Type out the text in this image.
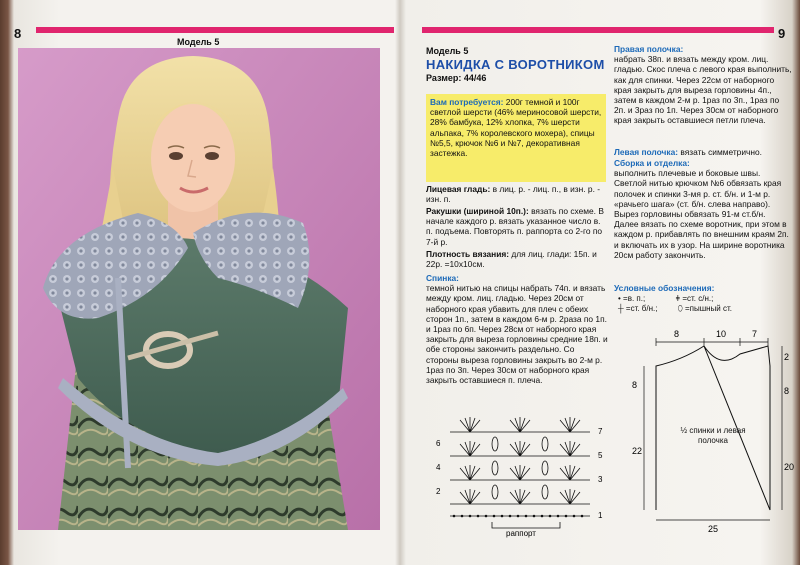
8
Модель 5
9
Модель 5
НАКИДКА С ВОРОТНИКОМ
Размер: 44/46
Вам потребуется: 200г темной и 100г светлой шерсти (46% мериносовой шерсти, 28% бамбука, 12% хлопка, 7% шерсти альпака, 7% королевского мохера), спицы №5,5, крючок №6 и №7, декоративная застежка.
Лицевая гладь: в лиц. р. - лиц. п., в изн. р. - изн. п.
Ракушки (ширинoй 10п.): вязать по схеме. В начале каждого р. вязать указанное число в. п. подъема. Повторять п. раппорта со 2-го по 7-й р.
Плотность вязания: для лиц. глади: 15п. и 22р. =10х10см.
Спинка:
темной нитью на спицы набрать 74п. и вязать между кром. лиц. гладью. Через 20см от наборного края убавить для плеч с обеих сторон 1п., затем в каждом 6-м р. 2раза по 1п. и 1раз по 6п. Через 28см от наборного края закрыть для выреза горловины средние 18п. и обе стороны закончить раздельно. Со стороны выреза горловины закрыть во 2-м р. 1раз по 3п. Через 30см от наборного края закрыть оставшиеся п. плеча.
6
4
2
7
5
3
1
раппорт
Правая полочка:
набрать 38п. и вязать между кром. лиц. гладью. Скос плеча с левого края выполнить, как для спинки. Через 22см от наборного края закрыть для выреза горловины 4п., затем в каждом 2-м р. 1раз по 3п., 1раз по 2п. и 3раз по 1п. Через 30см от наборного края закрыть оставшиеся петли плеча.
Левая полочка: вязать симметрично.
Сборка и отделка:
выполнить плечевые и боковые швы. Светлой нитью крючком №6 обвязать края полочек и спинки 3-мя р. ст. б/н. и 1-м р. «рачьего шага» (ст. б/н. слева направо). Вырез горловины обвязать 91-м ст.б/н. Далее вязать по схеме воротник, при этом в каждом р. прибавлять по внешним краям 2п. и включать их в узор. На ширине воротника 20см работу закончить.
Условные обозначения:
• =в. п.;	ǂ =ст. с/н.;
┼ =ст. б/н.;	⬯ =пышный ст.
8	10	7
2
8
8
22
20
25
½ спинки и левая полочка
